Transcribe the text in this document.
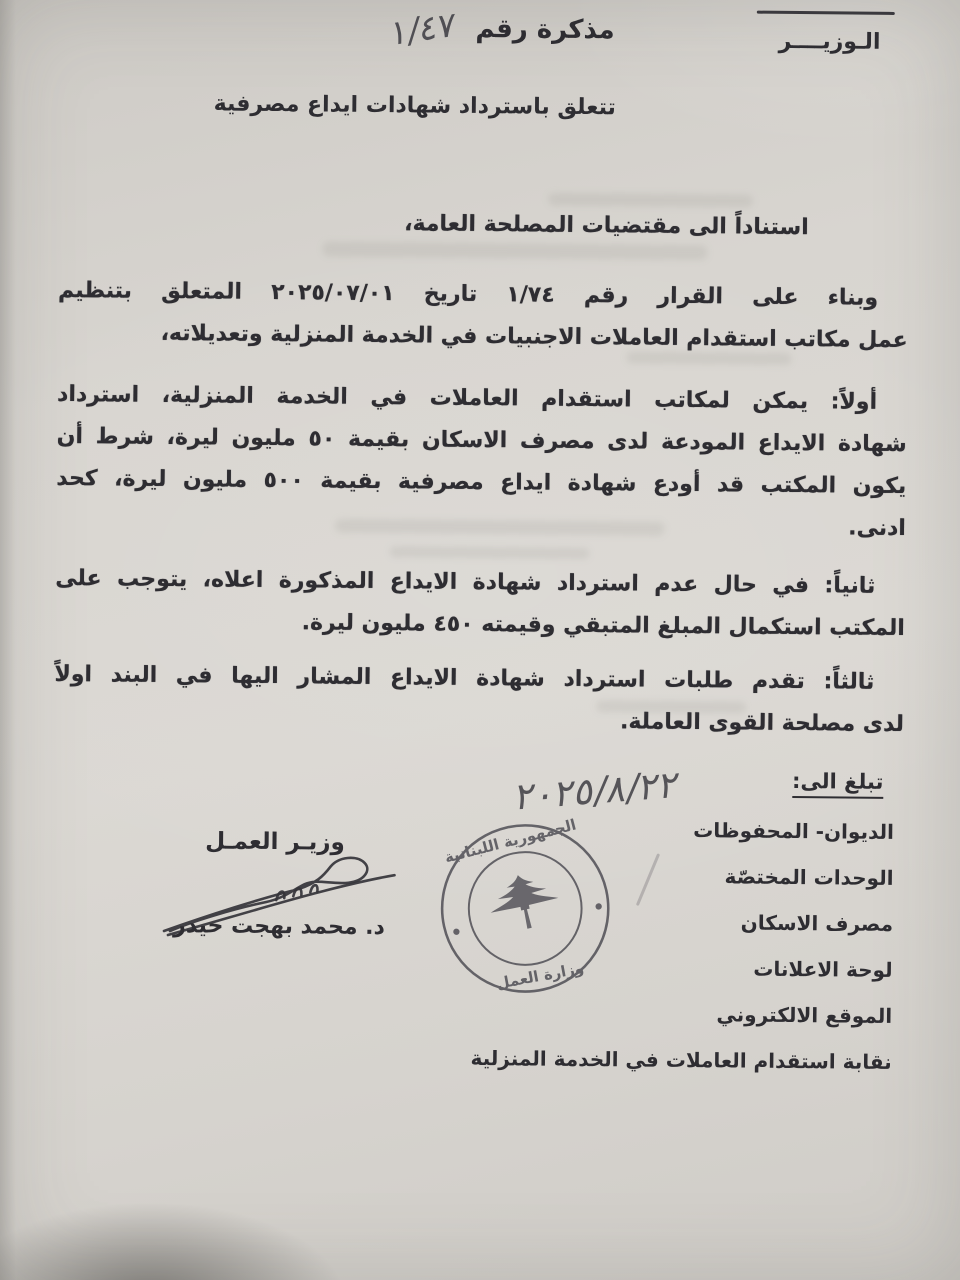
الـوزيــــر
مذكرة رقم
١/٤٧
تتعلق باسترداد شهادات ايداع مصرفية
استناداً الى مقتضيات المصلحة العامة،
وبناء على القرار رقم ١/٧٤ تاريخ ٢٠٢٥/٠٧/٠١ المتعلق بتنظيم
عمل مكاتب استقدام العاملات الاجنبيات في الخدمة المنزلية وتعديلاته،
أولاً: يمكن لمكاتب استقدام العاملات في الخدمة المنزلية، استرداد
شهادة الايداع المودعة لدى مصرف الاسكان بقيمة ٥٠ مليون ليرة، شرط أن
يكون المكتب قد أودع شهادة ايداع مصرفية بقيمة ٥٠٠ مليون ليرة، كحد
ادنى.
ثانياً: في حال عدم استرداد شهادة الايداع المذكورة اعلاه، يتوجب على
المكتب استكمال المبلغ المتبقي وقيمته ٤٥٠ مليون ليرة.
ثالثاً: تقدم طلبات استرداد شهادة الايداع المشار اليها في البند اولاً
لدى مصلحة القوى العاملة.
تبلغ الى:
٢٠٢٥/٨/٢٢
وزيـر العمـل
د. محمد بهجت حيدر
الجمهورية اللبنانية
وزارة العمل
الديوان- المحفوظات
الوحدات المختصّة
مصرف الاسكان
لوحة الاعلانات
الموقع الالكتروني
نقابة استقدام العاملات في الخدمة المنزلية
